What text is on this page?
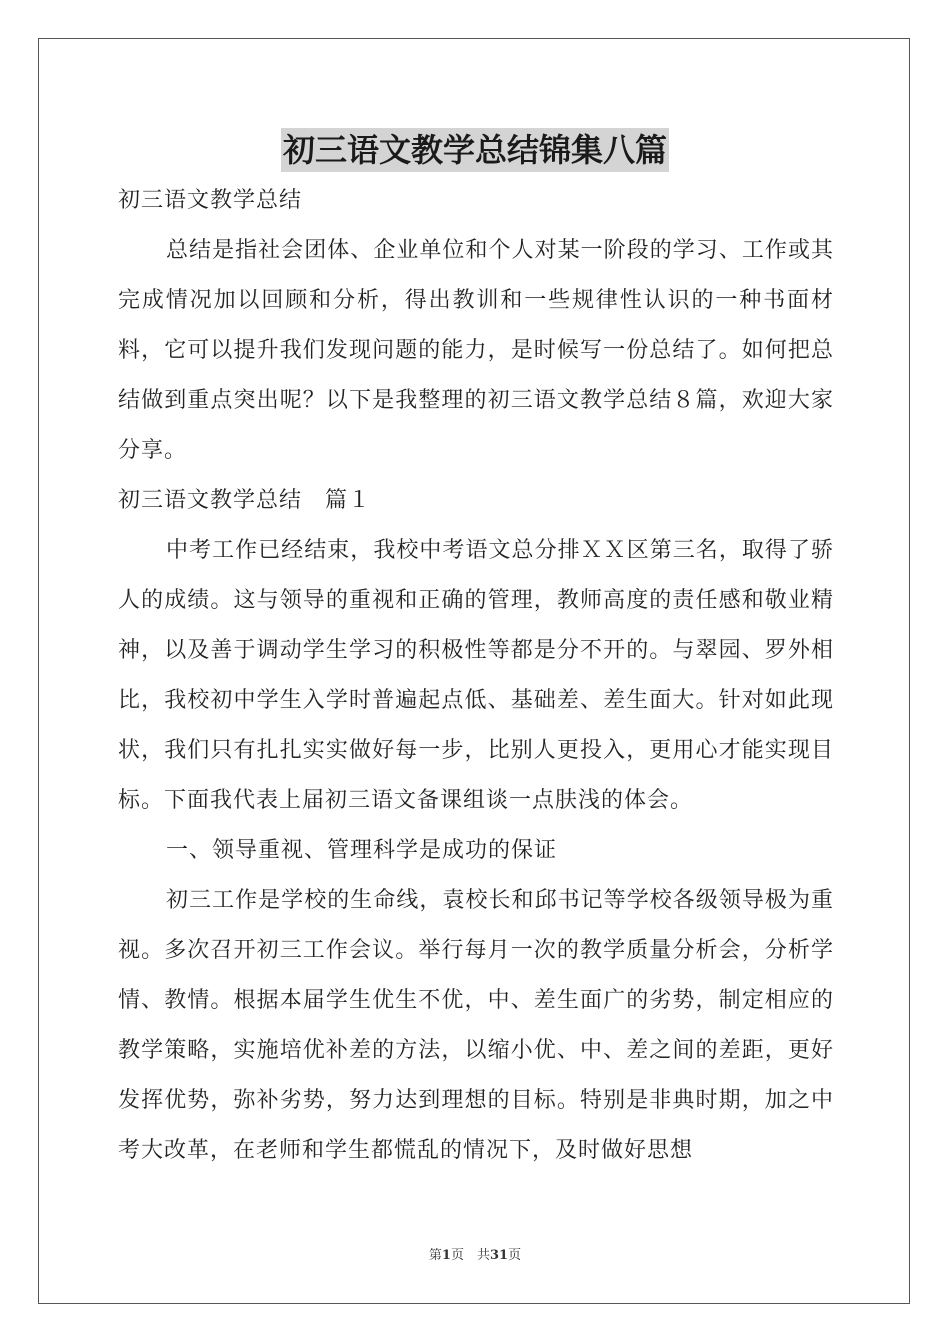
初三语文教学总结锦集八篇

初三语文教学总结

总结是指社会团体、企业单位和个人对某一阶段的学习、工作或其完成情况加以回顾和分析，得出教训和一些规律性认识的一种书面材料，它可以提升我们发现问题的能力，是时候写一份总结了。如何把总结做到重点突出呢？以下是我整理的初三语文教学总结８篇，欢迎大家分享。

初三语文教学总结　篇１

中考工作已经结束，我校中考语文总分排ＸＸ区第三名，取得了骄人的成绩。这与领导的重视和正确的管理，教师高度的责任感和敬业精神，以及善于调动学生学习的积极性等都是分不开的。与翠园、罗外相比，我校初中学生入学时普遍起点低、基础差、差生面大。针对如此现状，我们只有扎扎实实做好每一步，比别人更投入，更用心才能实现目标。下面我代表上届初三语文备课组谈一点肤浅的体会。

一、领导重视、管理科学是成功的保证

初三工作是学校的生命线，袁校长和邱书记等学校各级领导极为重视。多次召开初三工作会议。举行每月一次的教学质量分析会，分析学情、教情。根据本届学生优生不优，中、差生面广的劣势，制定相应的教学策略，实施培优补差的方法，以缩小优、中、差之间的差距，更好发挥优势，弥补劣势，努力达到理想的目标。特别是非典时期，加之中考大改革，在老师和学生都慌乱的情况下，及时做好思想

第1页　共31页
